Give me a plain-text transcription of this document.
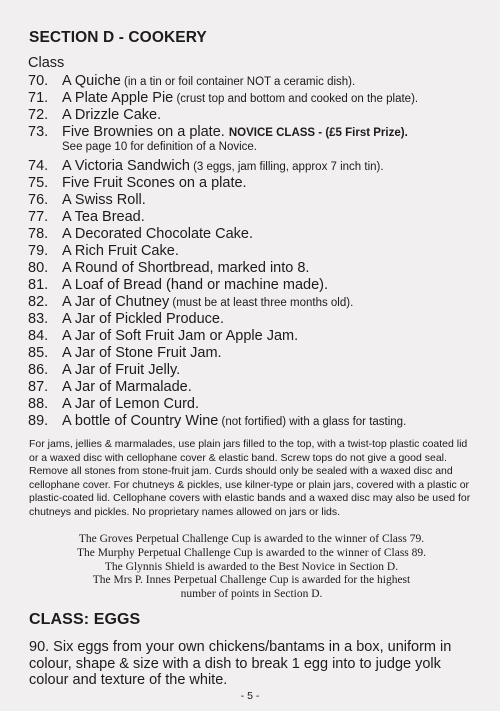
SECTION D - COOKERY
Class
70. A Quiche (in a tin or foil container NOT a ceramic dish).
71. A Plate Apple Pie (crust top and bottom and cooked on the plate).
72. A Drizzle Cake.
73. Five Brownies on a plate. NOVICE CLASS - (£5 First Prize).
74. A Victoria Sandwich (3 eggs, jam filling, approx 7 inch tin).
75. Five Fruit Scones on a plate.
76. A Swiss Roll.
77. A Tea Bread.
78. A Decorated Chocolate Cake.
79. A Rich Fruit Cake.
80. A Round of Shortbread, marked into 8.
81. A Loaf of Bread (hand or machine made).
82. A Jar of Chutney (must be at least three months old).
83. A Jar of Pickled Produce.
84. A Jar of Soft Fruit Jam or Apple Jam.
85. A Jar of Stone Fruit Jam.
86. A Jar of Fruit Jelly.
87. A Jar of Marmalade.
88. A Jar of Lemon Curd.
89. A bottle of Country Wine (not fortified) with a glass for tasting.
See page 10 for definition of a Novice.
For jams, jellies & marmalades, use plain jars filled to the top, with a twist-top plastic coated lid or a waxed disc with cellophane cover & elastic band. Screw tops do not give a good seal. Remove all stones from stone-fruit jam. Curds should only be sealed with a waxed disc and cellophane cover. For chutneys & pickles, use kilner-type or plain jars, covered with a plastic or plastic-coated lid. Cellophane covers with elastic bands and a waxed disc may also be used for chutneys and pickles. No proprietary names allowed on jars or lids.
The Groves Perpetual Challenge Cup is awarded to the winner of Class 79.
The Murphy Perpetual Challenge Cup is awarded to the winner of Class 89.
The Glynnis Shield is awarded to the Best Novice in Section D.
The Mrs P. Innes Perpetual Challenge Cup is awarded for the highest
number of points in Section D.
CLASS: EGGS
90. Six eggs from your own chickens/bantams in a box, uniform in colour, shape & size with a dish to break 1 egg into to judge yolk colour and texture of the white.
- 5 -
